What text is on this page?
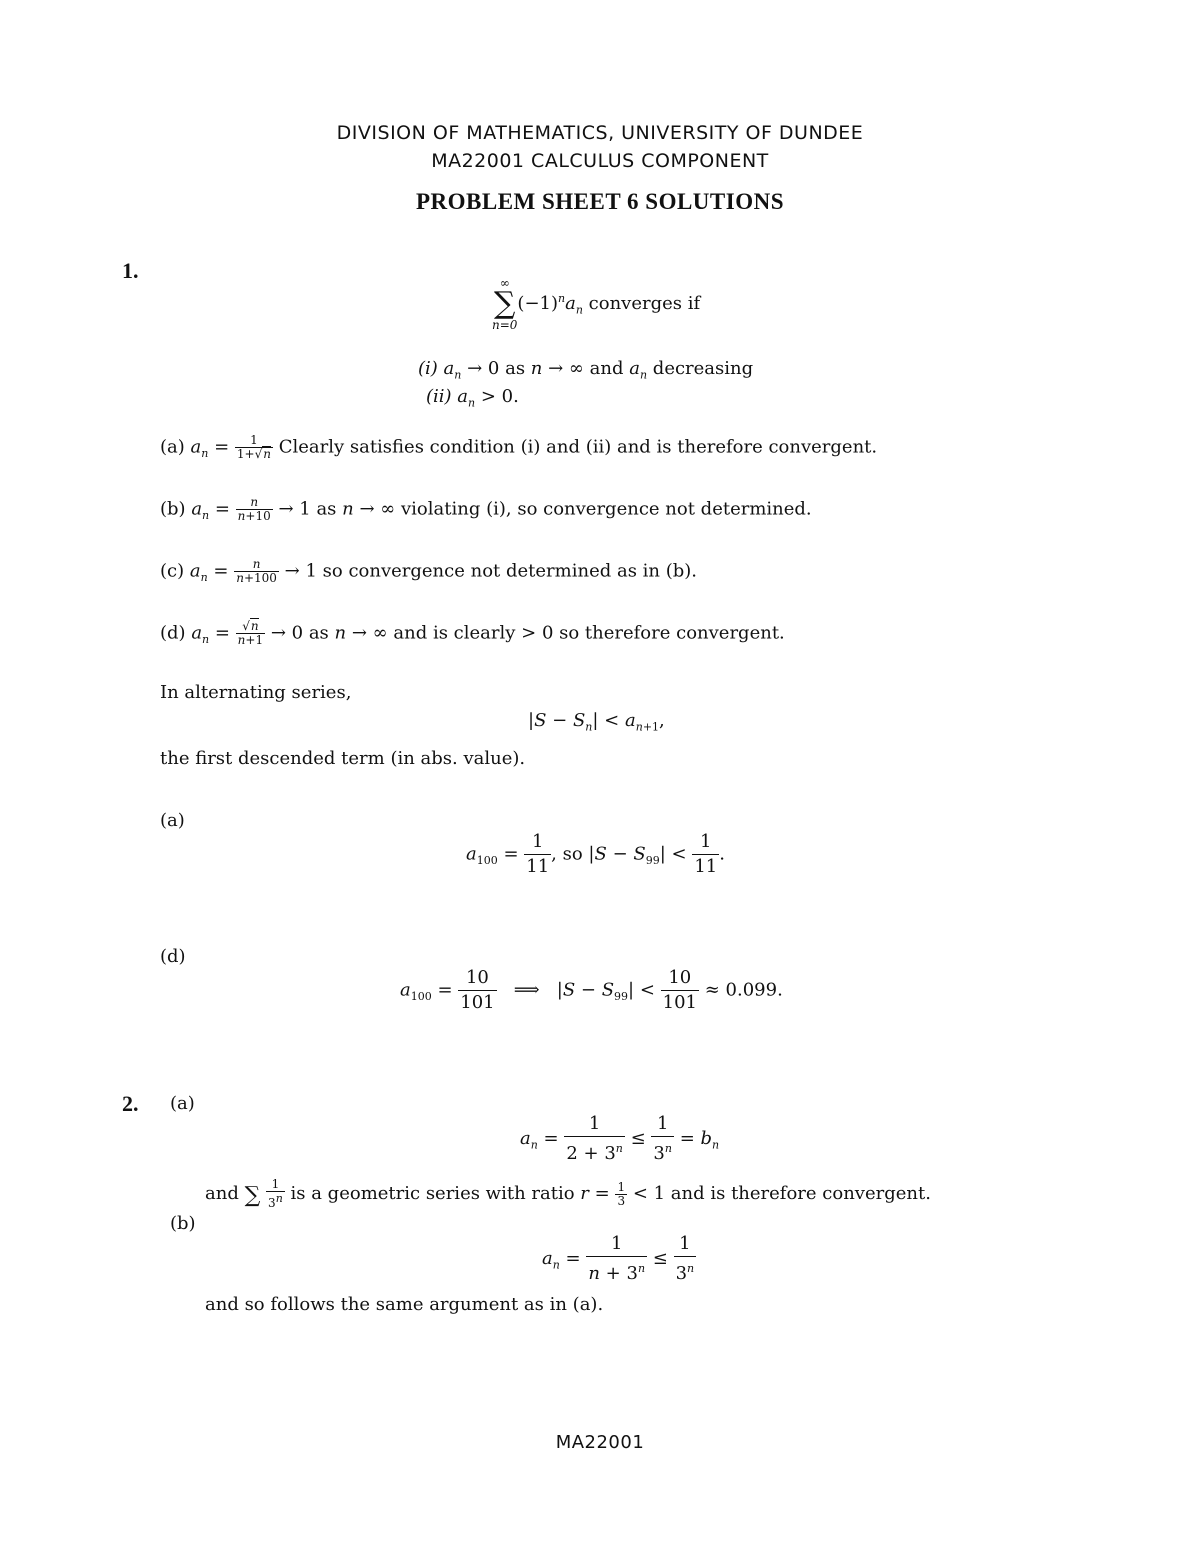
DIVISION OF MATHEMATICS, UNIVERSITY OF DUNDEE
MA22001 CALCULUS COMPONENT
PROBLEM SHEET 6 SOLUTIONS
1.	∞
∑
$n=0(-1)^na_n$ converges if
(i) $a_n \to 0$ as n → ∞ and $a_n$ decreasing
(ii) $a_n > 0$.
(a) $a_n = \frac{1}{1+√n}$ Clearly satisfies condition (i) and (ii) and is therefore convergent.
(b) $a_n = \frac{n}{n+10} \to 1$ as n → ∞ violating (i), so convergence not determined.
(c) $a_n = \frac{n}{n+100} \to 1$ so convergence not determined as in (b).
(d) $a_n = \frac{√n}{n+1} \to 0$ as n → ∞ and is clearly > 0 so therefore convergent.
In alternating series,
$|S - S_n| < a_{n+1}$,
the first descended term (in abs. value).
(a)
$a_{100} = \frac{1}{11}$ , so $|S - S_{99}| < \frac{1}{11}$ .
(d)
$a_{100} = \frac{10}{101}$ ⟹   $|S - S_{99}| < \frac{10}{101} \approx 0.099$.
2. (a)
$a_n = \frac{1}{2 + 3^n} \le \frac{1}{3^n} = b_n$
and ∑ $\frac{1}{3^n}$ is a geometric series with ratio $r = \frac{1}{3} < 1$ and is therefore convergent.
(b)
$a_n = \frac{1}{n + 3^n} \le \frac{1}{3^n}$
and so follows the same argument as in (a).
MA22001
